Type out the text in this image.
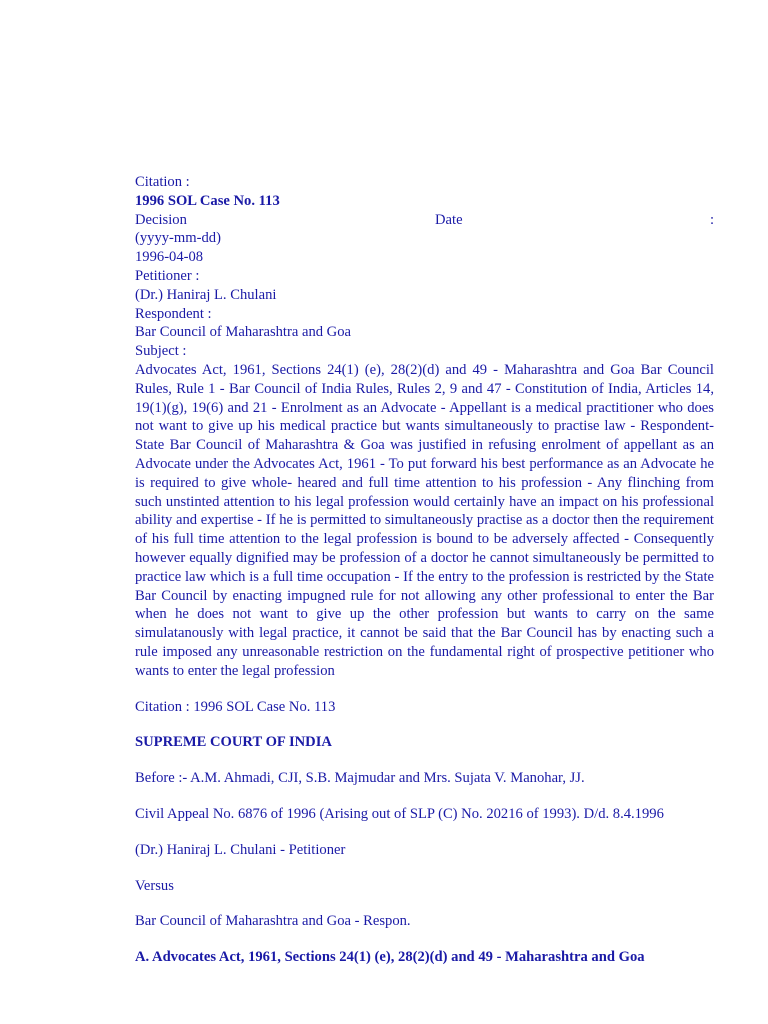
Citation :
1996 SOL Case No. 113
Decision	Date	:
(yyyy-mm-dd)
1996-04-08
Petitioner :
(Dr.) Haniraj L. Chulani
Respondent :
Bar Council of Maharashtra and Goa
Subject :
Advocates Act, 1961, Sections 24(1) (e), 28(2)(d) and 49 - Maharashtra and Goa Bar Council Rules, Rule 1 - Bar Council of India Rules, Rules 2, 9 and 47 - Constitution of India, Articles 14, 19(1)(g), 19(6) and 21 - Enrolment as an Advocate - Appellant is a medical practitioner who does not want to give up his medical practice but wants simultaneously to practise law - Respondent-State Bar Council of Maharashtra & Goa was justified in refusing enrolment of appellant as an Advocate under the Advocates Act, 1961 - To put forward his best performance as an Advocate he is required to give whole- heared and full time attention to his profession - Any flinching from such unstinted attention to his legal profession would certainly have an impact on his professional ability and expertise - If he is permitted to simultaneously practise as a doctor then the requirement of his full time attention to the legal profession is bound to be adversely affected - Consequently however equally dignified may be profession of a doctor he cannot simultaneously be permitted to practice law which is a full time occupation - If the entry to the profession is restricted by the State Bar Council by enacting impugned rule for not allowing any other professional to enter the Bar when he does not want to give up the other profession but wants to carry on the same simulatanously with legal practice, it cannot be said that the Bar Council has by enacting such a rule imposed any unreasonable restriction on the fundamental right of prospective petitioner who wants to enter the legal profession
Citation : 1996 SOL Case No. 113
SUPREME COURT OF INDIA
Before :- A.M. Ahmadi, CJI, S.B. Majmudar and Mrs. Sujata V. Manohar, JJ.
Civil Appeal No. 6876 of 1996 (Arising out of SLP (C) No. 20216 of 1993). D/d. 8.4.1996
(Dr.) Haniraj L. Chulani - Petitioner
Versus
Bar Council of Maharashtra and Goa - Respon.
A. Advocates Act, 1961, Sections 24(1) (e), 28(2)(d) and 49 - Maharashtra and Goa
